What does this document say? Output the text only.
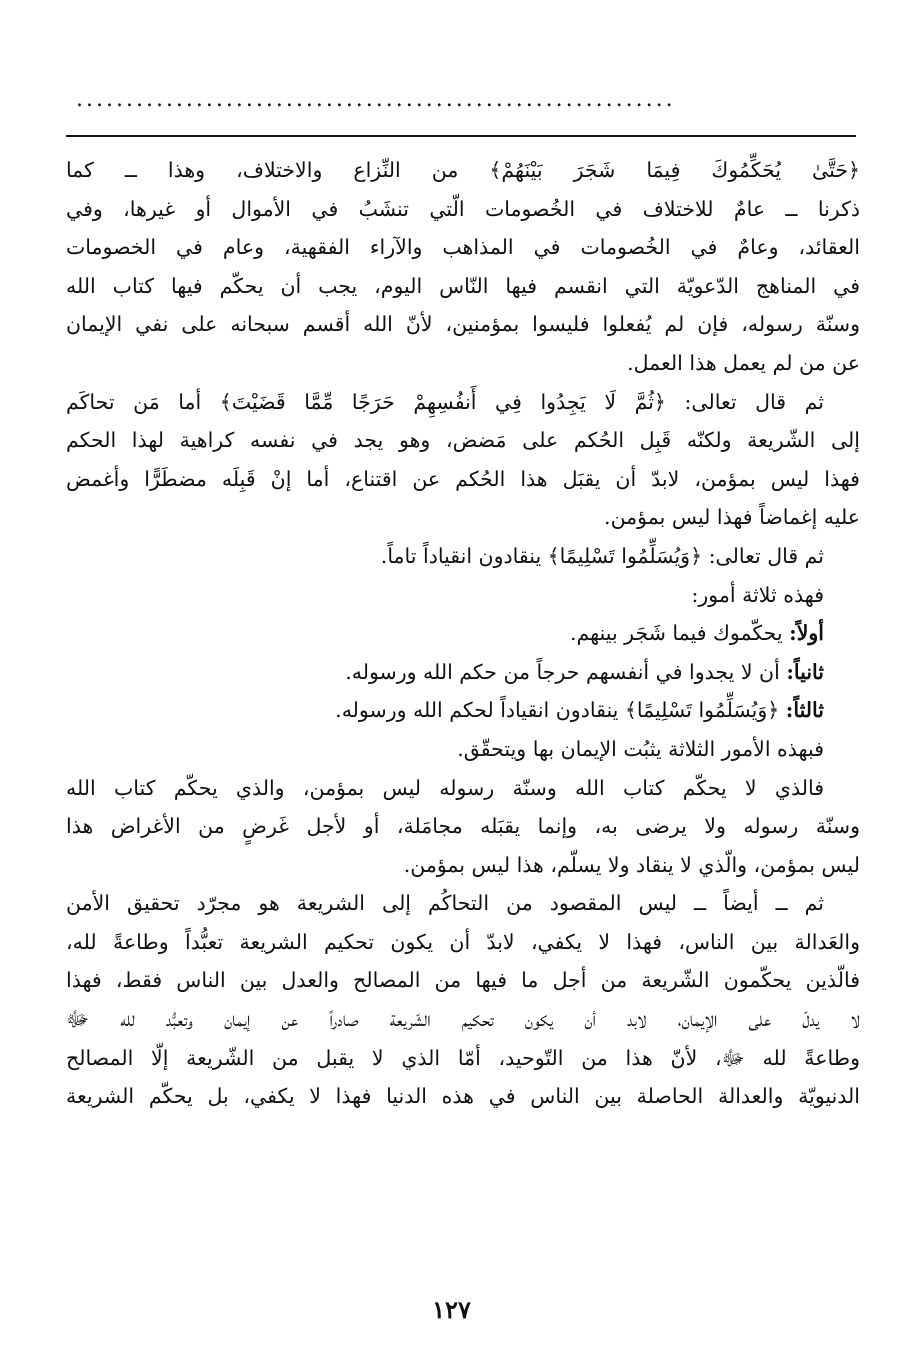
............................................................
﴿حَتَّىٰ يُحَكِّمُوكَ فِيمَا شَجَرَ بَيْنَهُمْ﴾ من النِّزاع والاختلاف، وهذا ــ كما
ذكرنا ــ عامٌ للاختلاف في الخُصومات الّتي تنشَبُ في الأموال أو غيرها، وفي
العقائد، وعامٌ في الخُصومات في المذاهب والآراء الفقهية، وعام في الخصومات
في المناهج الدّعويّة التي انقسم فيها النّاس اليوم، يجب أن يحكّم فيها كتاب الله
وسنّة رسوله، فإن لم يُفعلوا فليسوا بمؤمنين، لأنّ الله أقسم سبحانه على نفي الإيمان
عن من لم يعمل هذا العمل.
ثم قال تعالى: ﴿ثُمَّ لَا يَجِدُوا فِي أَنفُسِهِمْ حَرَجًا مِّمَّا قَضَيْتَ﴾ أما مَن تحاكَم
إلى الشّريعة ولكنّه قَبِل الحُكم على مَضض، وهو يجد في نفسه كراهية لهذا الحكم
فهذا ليس بمؤمن، لابدّ أن يقبَل هذا الحُكم عن اقتناع، أما إنْ قَبِلَه مضطَرًّا وأغمض
عليه إغماضاً فهذا ليس بمؤمن.
ثم قال تعالى: ﴿وَيُسَلِّمُوا تَسْلِيمًا﴾ ينقادون انقياداً تاماً.
فهذه ثلاثة أمور:
أولاً: يحكّموك فيما شَجَر بينهم.
ثانياً: أن لا يجدوا في أنفسهم حرجاً من حكم الله ورسوله.
ثالثاً: ﴿وَيُسَلِّمُوا تَسْلِيمًا﴾ ينقادون انقياداً لحكم الله ورسوله.
فبهذه الأمور الثلاثة يثبُت الإيمان بها ويتحقّق.
فالذي لا يحكّم كتاب الله وسنّة رسوله ليس بمؤمن، والذي يحكّم كتاب الله
وسنّة رسوله ولا يرضى به، وإنما يقبَله مجامَلة، أو لأجل غَرضٍ من الأغراض هذا
ليس بمؤمن، والّذي لا ينقاد ولا يسلّم، هذا ليس بمؤمن.
ثم ــ أيضاً ــ ليس المقصود من التحاكُم إلى الشريعة هو مجرّد تحقيق الأمن
والعَدالة بين الناس، فهذا لا يكفي، لابدّ أن يكون تحكيم الشريعة تعبُّداً وطاعةً لله،
فالّذين يحكّمون الشّريعة من أجل ما فيها من المصالح والعدل بين الناس فقط، فهذا
لا يدلّ على الإيمان، لابد أن يكون تحكيم الشّريعة صادراً عن إيمان وتعبُّد لله ﷻ
وطاعةً لله ﷻ، لأنّ هذا من التّوحيد، أمّا الذي لا يقبل من الشّريعة إلّا المصالح
الدنيويّة والعدالة الحاصلة بين الناس في هذه الدنيا فهذا لا يكفي، بل يحكّم الشريعة
١٢٧
